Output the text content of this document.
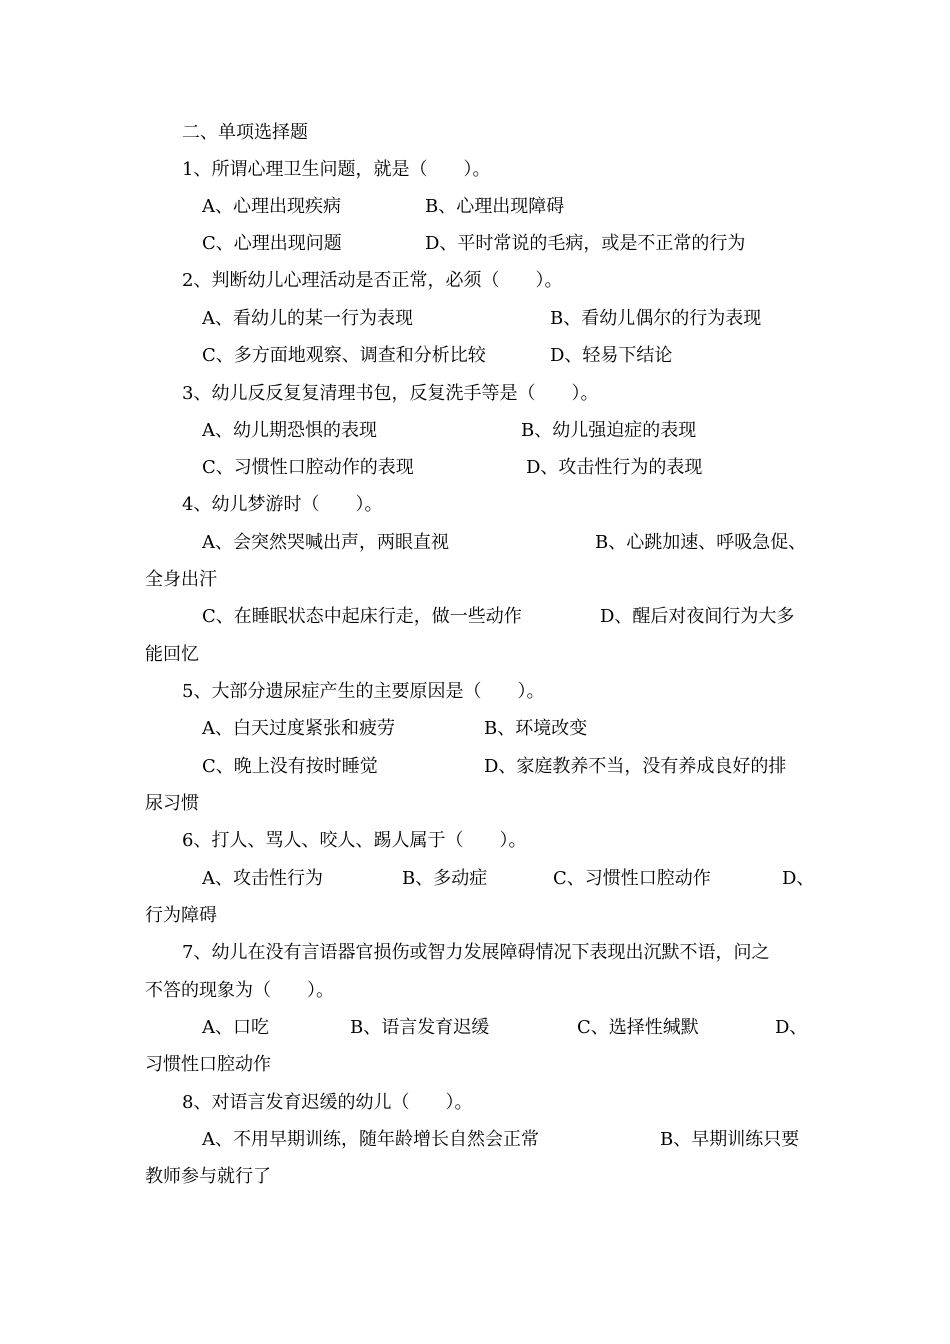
二、单项选择题
1、所谓心理卫生问题，就是（　　）。
A、心理出现疾病	B、心理出现障碍
C、心理出现问题	D、平时常说的毛病，或是不正常的行为
2、判断幼儿心理活动是否正常，必须（　　）。
A、看幼儿的某一行为表现	B、看幼儿偶尔的行为表现
C、多方面地观察、调查和分析比较	D、轻易下结论
3、幼儿反反复复清理书包，反复洗手等是（　　）。
A、幼儿期恐惧的表现	B、幼儿强迫症的表现
C、习惯性口腔动作的表现	D、攻击性行为的表现
4、幼儿梦游时（　　）。
A、会突然哭喊出声，两眼直视	B、心跳加速、呼吸急促、
全身出汗
C、在睡眠状态中起床行走，做一些动作	D、醒后对夜间行为大多
能回忆
5、大部分遗尿症产生的主要原因是（　　）。
A、白天过度紧张和疲劳	B、环境改变
C、晚上没有按时睡觉	D、家庭教养不当，没有养成良好的排
尿习惯
6、打人、骂人、咬人、踢人属于（　　）。
A、攻击性行为	B、多动症	C、习惯性口腔动作	D、
行为障碍
7、幼儿在没有言语器官损伤或智力发展障碍情况下表现出沉默不语，问之
不答的现象为（　　）。
A、口吃	B、语言发育迟缓	C、选择性缄默	D、
习惯性口腔动作
8、对语言发育迟缓的幼儿（　　）。
A、不用早期训练，随年龄增长自然会正常	B、早期训练只要
教师参与就行了
